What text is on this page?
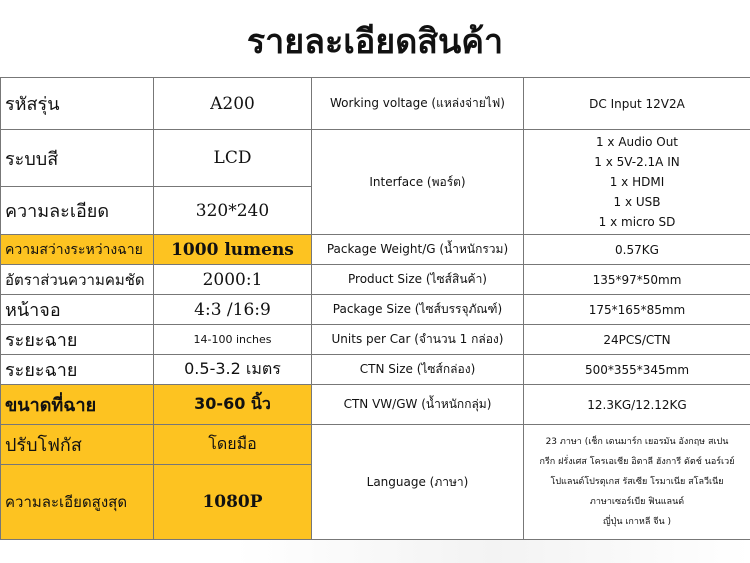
รายละเอียดสินค้า
รหัสรุ่น	A200	Working voltage (แหล่งจ่ายไฟ)	DC Input 12V2A
ระบบสี	LCD	Interface (พอร์ต)	1 x Audio Out
1 x 5V-2.1A IN
1 x HDMI
1 x USB
1 x micro SD

ความละเอียด	320*240		
ความสว่างระหว่างฉาย	1000 lumens	Package Weight/G (น้ำหนักรวม)	0.57KG
อัตราส่วนความคมชัด	2000:1	Product Size (ไซส์สินค้า)	135*97*50mm
หน้าจอ	4:3 /16:9	Package Size (ไซส์บรรจุภัณฑ์)	175*165*85mm
ระยะฉาย	14-100 inches	Units per Car (จำนวน 1 กล่อง)	24PCS/CTN
ระยะฉาย	0.5-3.2 เมตร	CTN Size (ไซส์กล่อง)	500*355*345mm
ขนาดที่ฉาย	30-60 นิ้ว	CTN VW/GW (น้ำหนักกลุ่ม)	12.3KG/12.12KG
ปรับโฟกัส	โดยมือ	Language (ภาษา)	23 ภาษา (เช็ก เดนมาร์ก เยอรมัน อังกฤษ สเปน
กรีก ฝรั่งเศส โครเอเชีย อิตาลี ฮังการี ดัตช์ นอร์เวย์
โปแลนด์โปรตุเกส รัสเซีย โรมาเนีย สโลวีเนีย
ภาษาเซอร์เบีย ฟินแลนด์
ญี่ปุ่น เกาหลี จีน )

ความละเอียดสูงสุด	1080P		
